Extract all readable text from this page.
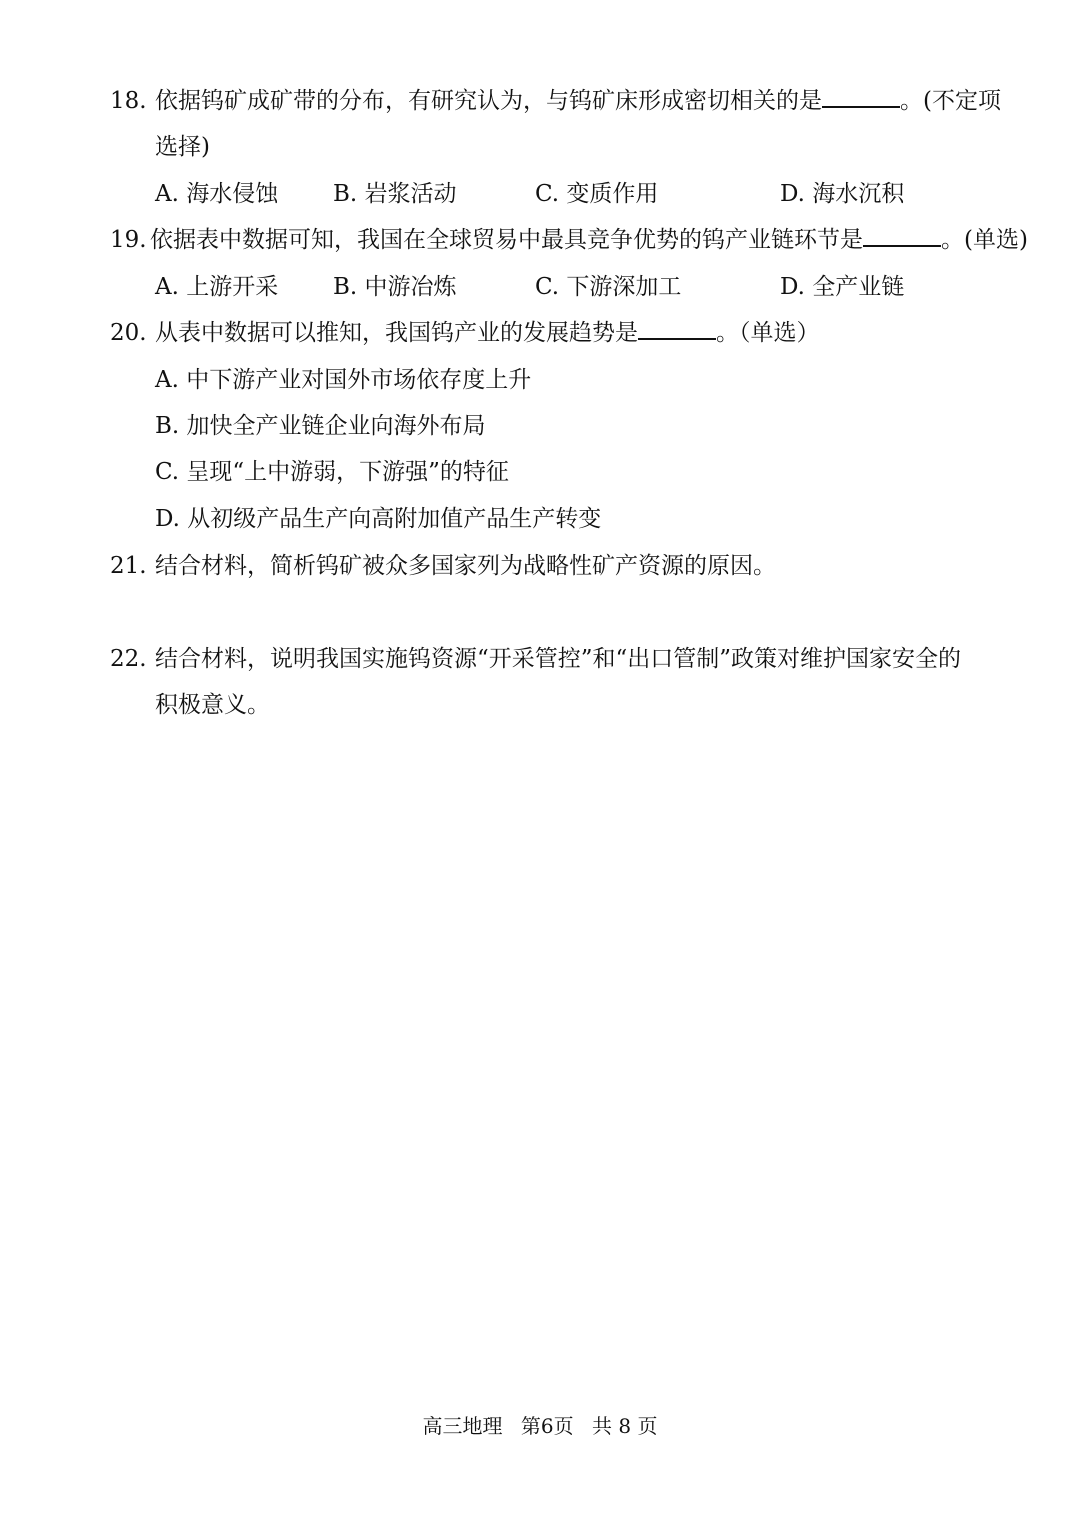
18. 依据钨矿成矿带的分布，有研究认为，与钨矿床形成密切相关的是	。(不定项
选择)
A. 海水侵蚀 B. 岩浆活动	C. 变质作用	D. 海水沉积
19. 依据表中数据可知，我国在全球贸易中最具竞争优势的钨产业链环节是	。(单选)
A. 上游开采 B. 中游冶炼	C. 下游深加工	D. 全产业链
20. 从表中数据可以推知，我国钨产业的发展趋势是	。（单选）
A. 中下游产业对国外市场依存度上升
B. 加快全产业链企业向海外布局
C. 呈现“上中游弱，下游强”的特征
D. 从初级产品生产向高附加值产品生产转变
21. 结合材料，简析钨矿被众多国家列为战略性矿产资源的原因。
22. 结合材料，说明我国实施钨资源“开采管控”和“出口管制”政策对维护国家安全的
积极意义。
高三地理 第6页 共 8 页
